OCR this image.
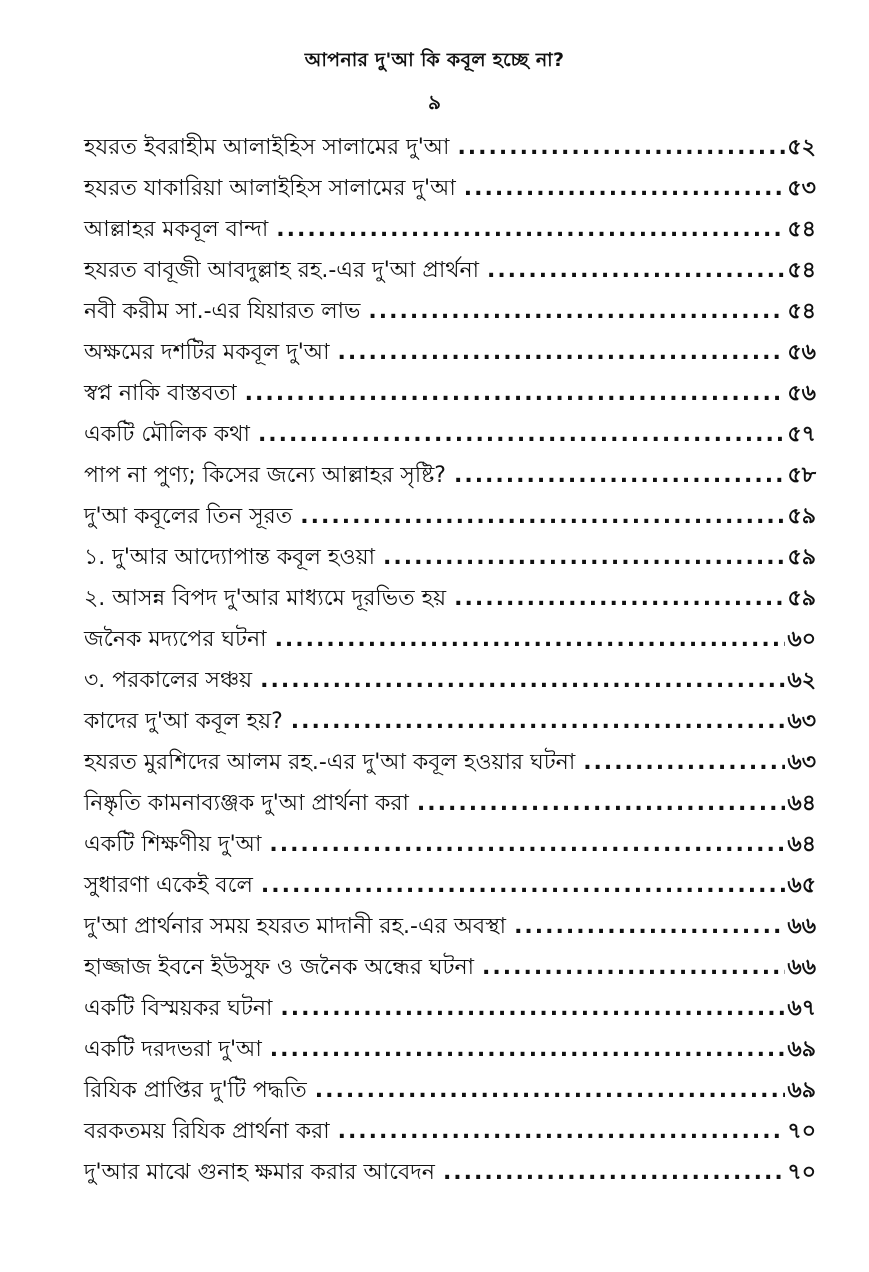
আপনার দু'আ কি কবূল হচ্ছে না?
৯
হযরত ইবরাহীম আলাইহিস সালামের দু'আ .....	৫২
হযরত যাকারিয়া আলাইহিস সালামের দু'আ .....	৫৩
আল্লাহর মকবূল বান্দা .....	৫৪
হযরত বাবূজী আবদুল্লাহ রহ.-এর দু'আ প্রার্থনা .....	৫৪
নবী করীম সা.-এর যিয়ারত লাভ .....	৫৪
অক্ষমের দশটির মকবূল দু'আ .....	৫৬
স্বপ্ন নাকি বাস্তবতা .....	৫৬
একটি মৌলিক কথা .....	৫৭
পাপ না পুণ্য; কিসের জন্যে আল্লাহর সৃষ্টি? .....	৫৮
দু'আ কবূলের তিন সূরত .....	৫৯
১. দু'আর আদ্যোপান্ত কবূল হওয়া .....	৫৯
২. আসন্ন বিপদ দু'আর মাধ্যমে দূরভিত হয় .....	৫৯
জনৈক মদ্যপের ঘটনা .....	৬০
৩. পরকালের সঞ্চয় .....	৬২
কাদের দু'আ কবূল হয়? .....	৬৩
হযরত মুরশিদের আলম রহ.-এর দু'আ কবূল হওয়ার ঘটনা .....	৬৩
নিষ্কৃতি কামনাব্যঞ্জক দু'আ প্রার্থনা করা .....	৬৪
একটি শিক্ষণীয় দু'আ .....	৬৪
সুধারণা একেই বলে .....	৬৫
দু'আ প্রার্থনার সময় হযরত মাদানী রহ.-এর অবস্থা .....	৬৬
হাজ্জাজ ইবনে ইউসুফ ও জনৈক অন্ধের ঘটনা .....	৬৬
একটি বিস্ময়কর ঘটনা .....	৬৭
একটি দরদভরা দু'আ .....	৬৯
রিযিক প্রাপ্তির দু'টি পদ্ধতি .....	৬৯
বরকতময় রিযিক প্রার্থনা করা .....	৭০
দু'আর মাঝে গুনাহ ক্ষমার করার আবেদন .....	৭০
